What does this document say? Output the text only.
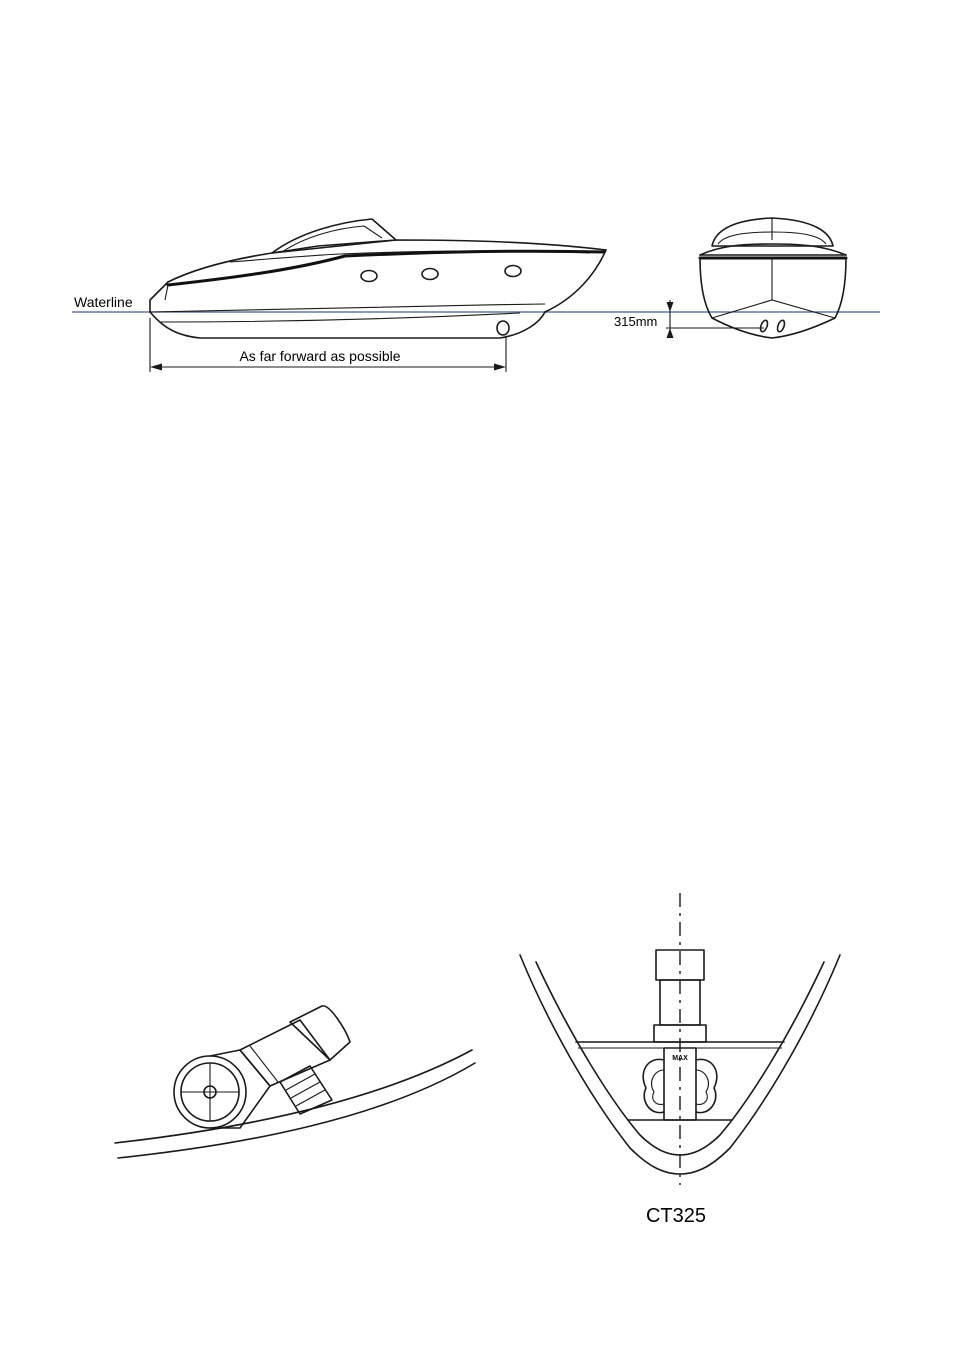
Waterline
As far forward as possible
315mm
MAX
CT325
